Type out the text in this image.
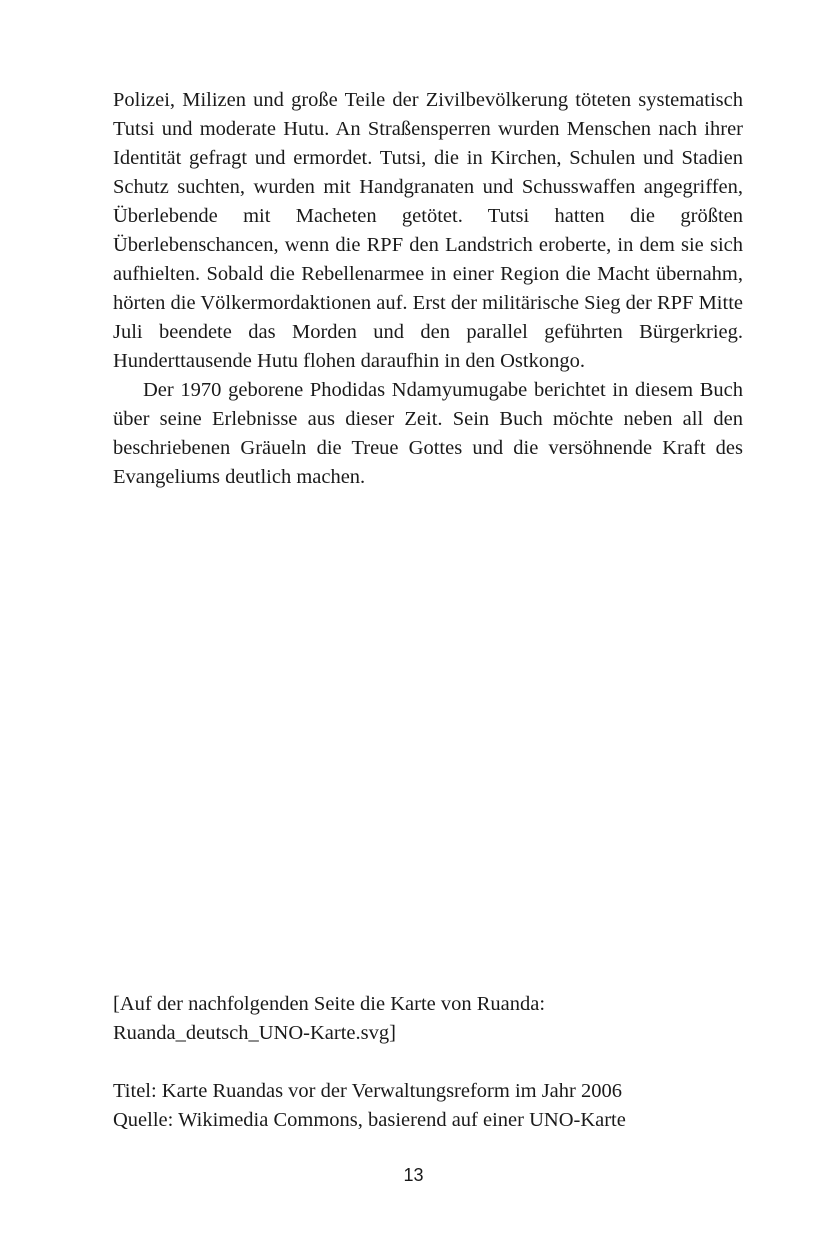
Polizei, Milizen und große Teile der Zivilbevölkerung töteten systematisch Tutsi und moderate Hutu. An Straßensperren wurden Menschen nach ihrer Identität gefragt und ermordet. Tutsi, die in Kirchen, Schulen und Stadien Schutz suchten, wurden mit Handgranaten und Schusswaffen angegriffen, Überlebende mit Macheten getötet. Tutsi hatten die größten Überlebenschancen, wenn die RPF den Landstrich eroberte, in dem sie sich aufhielten. Sobald die Rebellenarmee in einer Region die Macht übernahm, hörten die Völkermordaktionen auf. Erst der militärische Sieg der RPF Mitte Juli beendete das Morden und den parallel geführten Bürgerkrieg. Hunderttausende Hutu flohen daraufhin in den Ostkongo.

Der 1970 geborene Phodidas Ndamyumugabe berichtet in diesem Buch über seine Erlebnisse aus dieser Zeit. Sein Buch möchte neben all den beschriebenen Gräueln die Treue Gottes und die versöhnende Kraft des Evangeliums deutlich machen.

[Auf der nachfolgenden Seite die Karte von Ruanda:
Ruanda_deutsch_UNO-Karte.svg]
Titel: Karte Ruandas vor der Verwaltungsreform im Jahr 2006
Quelle: Wikimedia Commons, basierend auf einer UNO-Karte
13
